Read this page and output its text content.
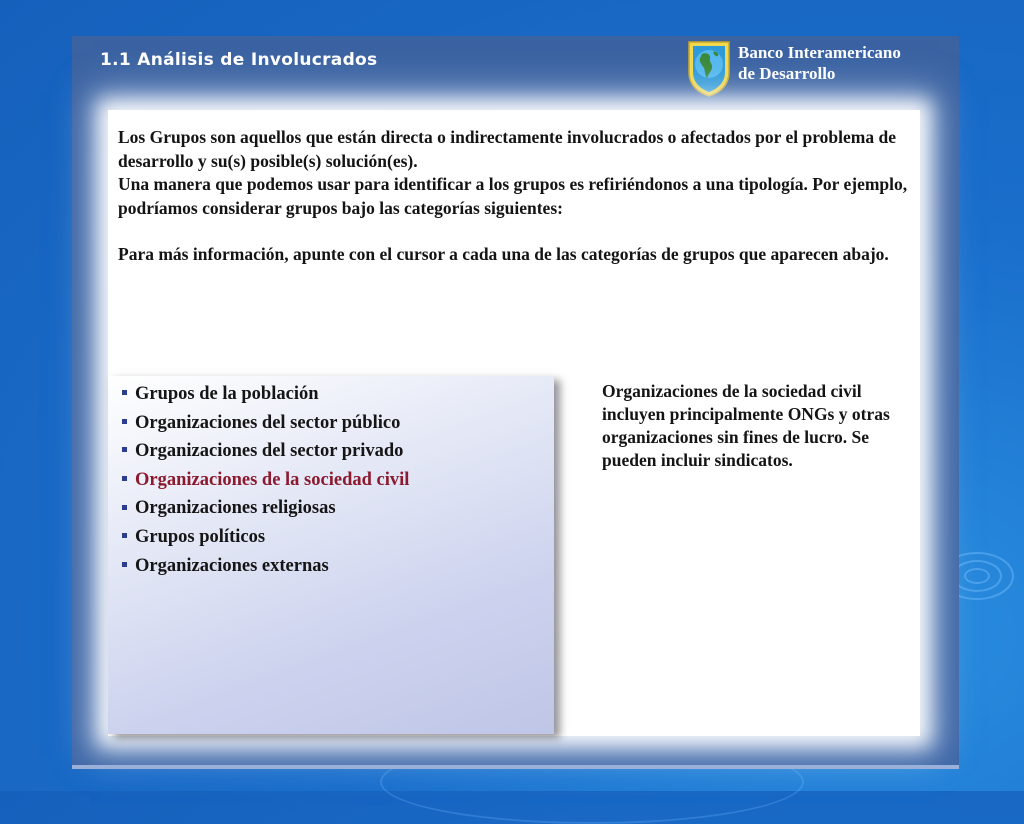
1.1 Análisis de Involucrados	Banco Interamericano
de Desarrollo

Los Grupos son aquellos que están directa o indirectamente involucrados o afectados por el problema de desarrollo y su(s) posible(s) solución(es).

Una manera que podemos usar para identificar a los grupos es refiriéndonos a una tipología. Por ejemplo, podríamos considerar grupos bajo las categorías siguientes:

Para más información, apunte con el cursor a cada una de las categorías de grupos que aparecen abajo.

Grupos de la población
Organizaciones del sector público
Organizaciones del sector privado
Organizaciones de la sociedad civil
Organizaciones religiosas
Grupos políticos
Organizaciones externas
Organizaciones de la sociedad civil incluyen principalmente ONGs y otras organizaciones sin fines de lucro. Se pueden incluir sindicatos.
